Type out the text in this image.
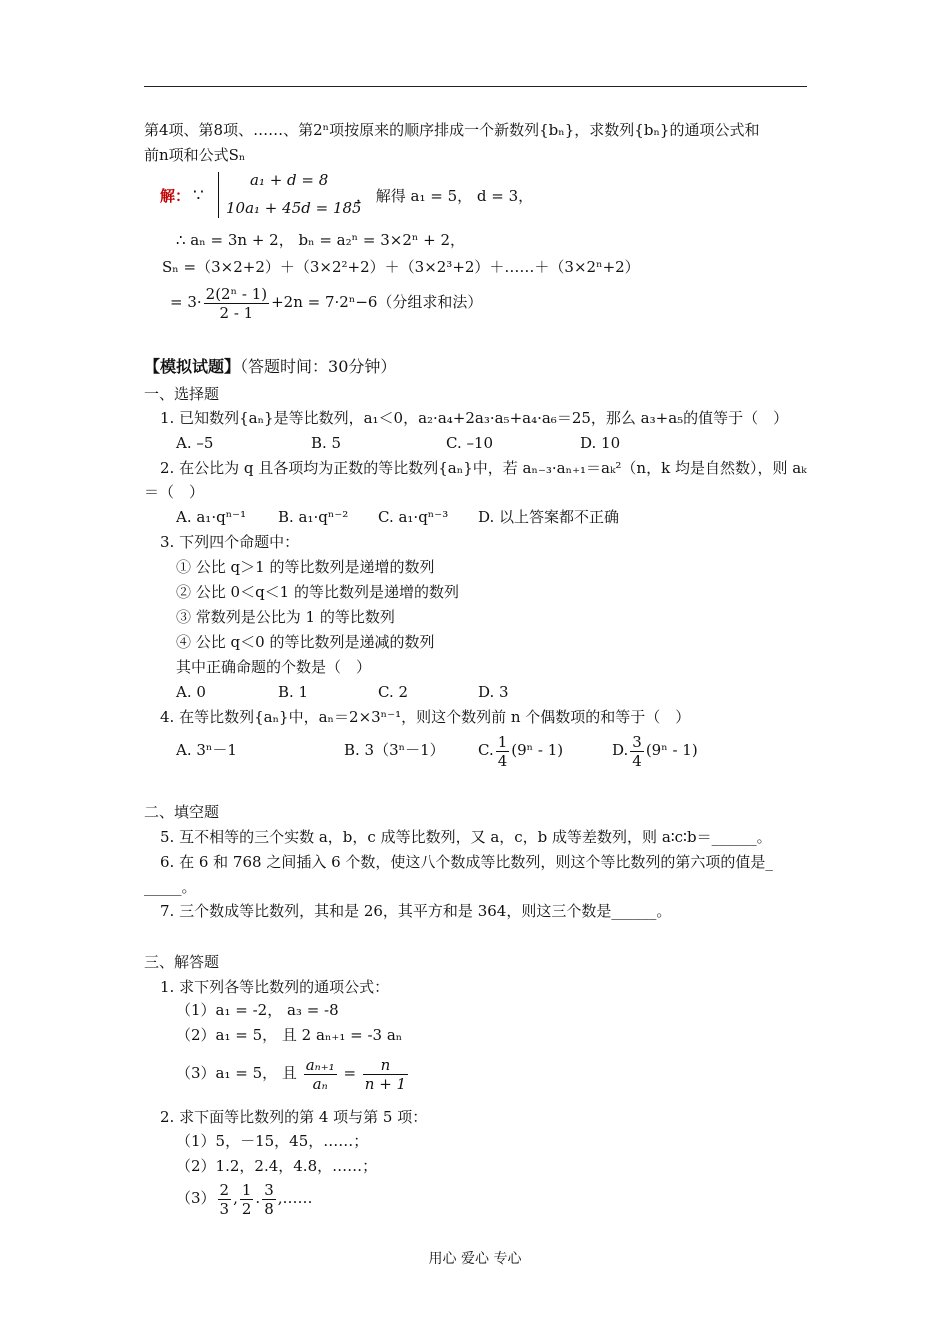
第4项、第8项、……、第2ⁿ项按原来的顺序排成一个新数列{bₙ}，求数列{bₙ}的通项公式和
前n项和公式Sₙ
解： ∵
a₁ + d = 8
10a₁ + 45d = 185
， 解得 a₁ = 5， d = 3，
∴ aₙ = 3n + 2， bₙ = a₂ⁿ = 3×2ⁿ + 2，
Sₙ =（3×2+2）＋（3×2²+2）＋（3×2³+2）＋……＋（3×2ⁿ+2）
= $3\cdot \frac{\text{2(2ⁿ - 1)}}{2 - 1} +2n = 7\cdot 2^n-6$（分组求和法）
【模拟试题】（答题时间：30分钟）
一、选择题
1. 已知数列{aₙ}是等比数列，a₁＜0，a₂·a₄+2a₃·a₅+a₄·a₆＝25，那么 a₃+a₅的值等于（　）
A. –5	B. 5	C. –10	D. 10
2. 在公比为 q 且各项均为正数的等比数列{aₙ}中，若 aₙ₋₃·aₙ₊₁＝aₖ²（n，k 均是自然数），则 aₖ
＝（　）
A. a₁·qⁿ⁻¹ B. a₁·qⁿ⁻² C. a₁·qⁿ⁻³ D. 以上答案都不正确
3. 下列四个命题中：
① 公比 q＞1 的等比数列是递增的数列
② 公比 0＜q＜1 的等比数列是递增的数列
③ 常数列是公比为 1 的等比数列
④ 公比 q＜0 的等比数列是递减的数列
其中正确命题的个数是（　）
A. 0	B. 1	C. 2	D. 3
4. 在等比数列{aₙ}中，aₙ＝2×3ⁿ⁻¹，则这个数列前 n 个偶数项的和等于（　）
A. 3ⁿ－1	B. 3（3ⁿ－1） C. $\frac{1}{4} (9^n - 1)$	D. $\frac{3}{4} (9^n - 1)$
二、填空题
5. 互不相等的三个实数 a，b，c 成等比数列，又 a，c，b 成等差数列，则 a∶c∶b＝______。
6. 在 6 和 768 之间插入 6 个数，使这八个数成等比数列，则这个等比数列的第六项的值是_
_____。
7. 三个数成等比数列，其和是 26，其平方和是 364，则这三个数是______。
三、解答题
1. 求下列各等比数列的通项公式：
（1）a₁ = -2， a₃ = -8
（2）a₁ = 5， 且 2 aₙ₊₁ = -3 aₙ
（3）a₁ = 5， 且 $\frac{\text{aₙ₊₁}}{\text{aₙ}} = \frac{n}{n + 1}$
2. 求下面等比数列的第 4 项与第 5 项：
（1）5，－15，45，……；
（2）1.2，2.4，4.8，……；
$(3) \frac{2}{3}$ , $\frac{1}{2}$ . $\frac{3}{8}$ ,……
用心 爱心 专心
